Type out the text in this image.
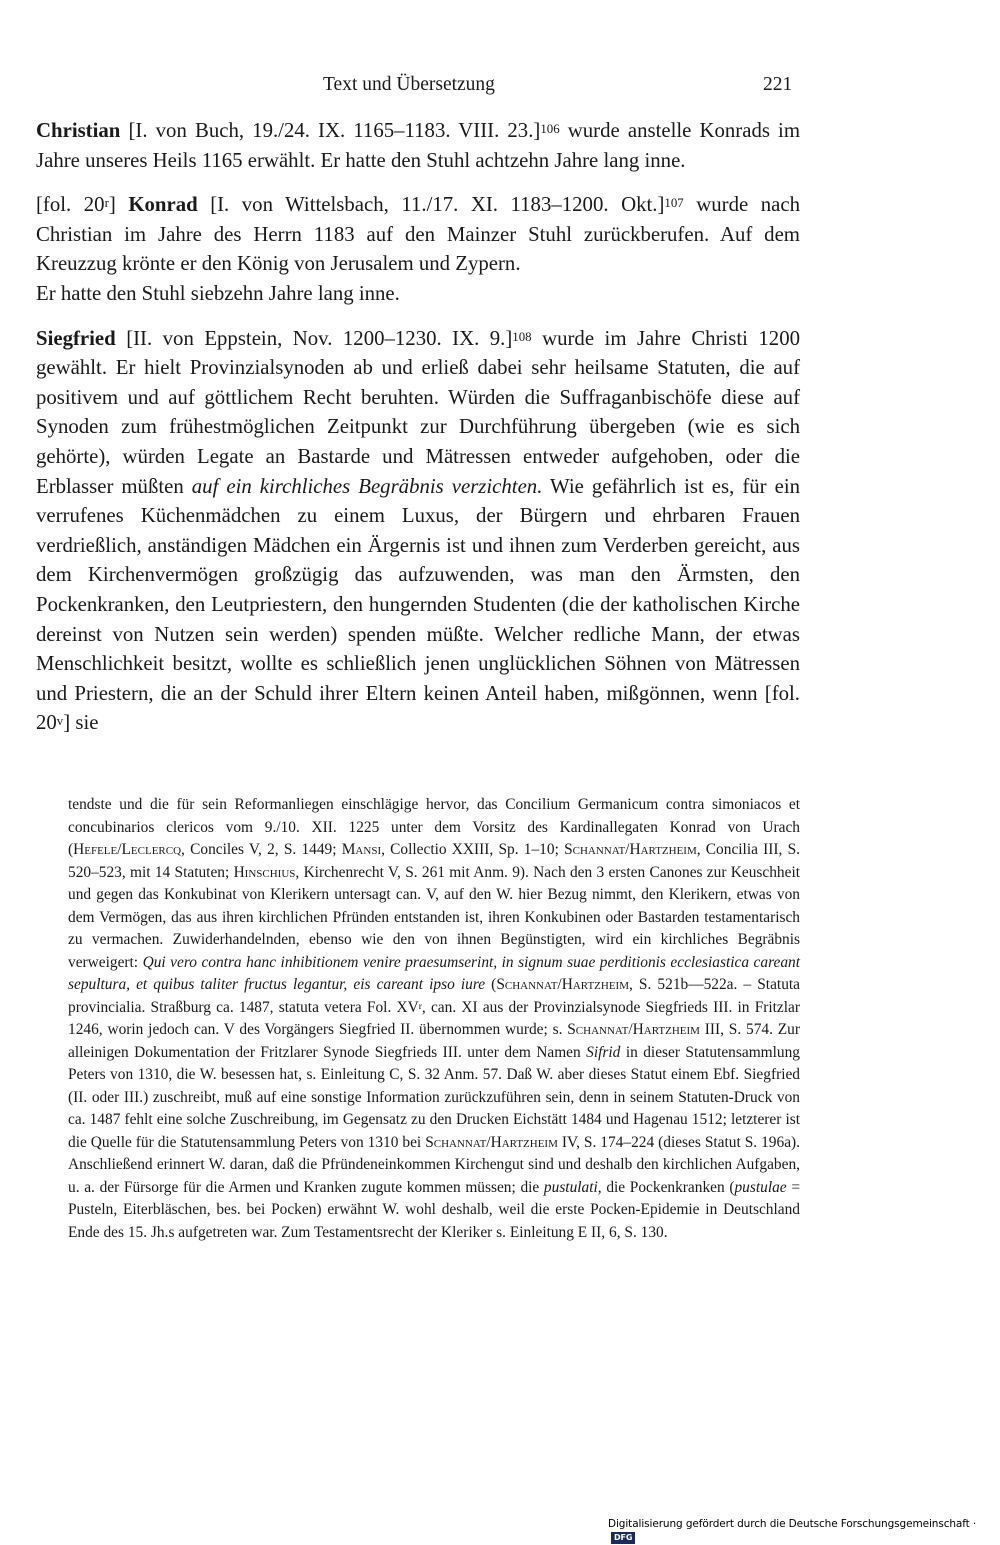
Text und Übersetzung	221

Christian [I. von Buch, 19./24. IX. 1165–1183. VIII. 23.]$^{106}$ wurde anstelle Konrads im Jahre unseres Heils 1165 erwählt. Er hatte den Stuhl achtzehn Jahre lang inne.

[fol. 20$^r$] Konrad [I. von Wittelsbach, 11./17. XI. 1183–1200. Okt.]$^{107}$ wurde nach Christian im Jahre des Herrn 1183 auf den Mainzer Stuhl zurückberufen. Auf dem Kreuzzug krönte er den König von Jerusalem und Zypern.
Er hatte den Stuhl siebzehn Jahre lang inne.

Siegfried [II. von Eppstein, Nov. 1200–1230. IX. 9.]$^{108}$ wurde im Jahre Christi 1200 gewählt. Er hielt Provinzialsynoden ab und erließ dabei sehr heilsame Statuten, die auf positivem und auf göttlichem Recht beruhten. Würden die Suffraganbischöfe diese auf Synoden zum frühestmöglichen Zeitpunkt zur Durchführung übergeben (wie es sich gehörte), würden Legate an Bastarde und Mätressen entweder aufgehoben, oder die Erblasser müßten auf ein kirchliches Begräbnis verzichten. Wie gefährlich ist es, für ein verrufenes Küchenmädchen zu einem Luxus, der Bürgern und ehrbaren Frauen verdrießlich, anständigen Mädchen ein Ärgernis ist und ihnen zum Verderben gereicht, aus dem Kirchenvermögen großzügig das aufzuwenden, was man den Ärmsten, den Pockenkranken, den Leutpriestern, den hungernden Studenten (die der katholischen Kirche dereinst von Nutzen sein werden) spenden müßte. Welcher redliche Mann, der etwas Menschlichkeit besitzt, wollte es schließlich jenen unglücklichen Söhnen von Mätressen und Priestern, die an der Schuld ihrer Eltern keinen Anteil haben, mißgönnen, wenn [fol. 20$^v$] sie

tendste und die für sein Reformanliegen einschlägige hervor, das Concilium Germanicum contra simoniacos et concubinarios clericos vom 9./10. XII. 1225 unter dem Vorsitz des Kardinallegaten Konrad von Urach (Hefele/Leclercq, Conciles V, 2, S. 1449; Mansi, Collectio XXIII, Sp. 1–10; Schannat/Hartzheim, Concilia III, S. 520–523, mit 14 Statuten; Hinschius, Kirchenrecht V, S. 261 mit Anm. 9). Nach den 3 ersten Canones zur Keuschheit und gegen das Konkubinat von Klerikern untersagt can. V, auf den W. hier Bezug nimmt, den Klerikern, etwas von dem Vermögen, das aus ihren kirchlichen Pfründen entstanden ist, ihren Konkubinen oder Bastarden testamentarisch zu vermachen. Zuwiderhandelnden, ebenso wie den von ihnen Begünstigten, wird ein kirchliches Begräbnis verweigert: Qui vero contra hanc inhibitionem venire praesumserint, in signum suae perditionis ecclesiastica careant sepultura, et quibus taliter fructus legantur, eis careant ipso iure (Schannat/Hartzheim, S. 521b—522a. – Statuta provincialia. Straßburg ca. 1487, statuta vetera Fol. $XV^r$, can. XI aus der Provinzialsynode Siegfrieds III. in Fritzlar 1246, worin jedoch can. V des Vorgängers Siegfried II. übernommen wurde; s. Schannat/Hartzheim III, S. 574. Zur alleinigen Dokumentation der Fritzlarer Synode Siegfrieds III. unter dem Namen Sifrid in dieser Statutensammlung Peters von 1310, die W. besessen hat, s. Einleitung C, S. 32 Anm. 57. Daß W. aber dieses Statut einem Ebf. Siegfried (II. oder III.) zuschreibt, muß auf eine sonstige Information zurückzuführen sein, denn in seinem Statuten-Druck von ca. 1487 fehlt eine solche Zuschreibung, im Gegensatz zu den Drucken Eichstätt 1484 und Hagenau 1512; letzterer ist die Quelle für die Statutensammlung Peters von 1310 bei Schannat/Hartzheim IV, S. 174–224 (dieses Statut S. 196a). Anschließend erinnert W. daran, daß die Pfründeneinkommen Kirchengut sind und deshalb den kirchlichen Aufgaben, u. a. der Fürsorge für die Armen und Kranken zugute kommen müssen; die pustulati, die Pockenkranken (pustulae = Pusteln, Eiterbläschen, bes. bei Pocken) erwähnt W. wohl deshalb, weil die erste Pocken-Epidemie in Deutschland Ende des 15. Jh.s aufgetreten war. Zum Testamentsrecht der Kleriker s. Einleitung E II, 6, S. 130.

Digitalisierung gefördert durch die Deutsche Forschungsgemeinschaft ·DFG
